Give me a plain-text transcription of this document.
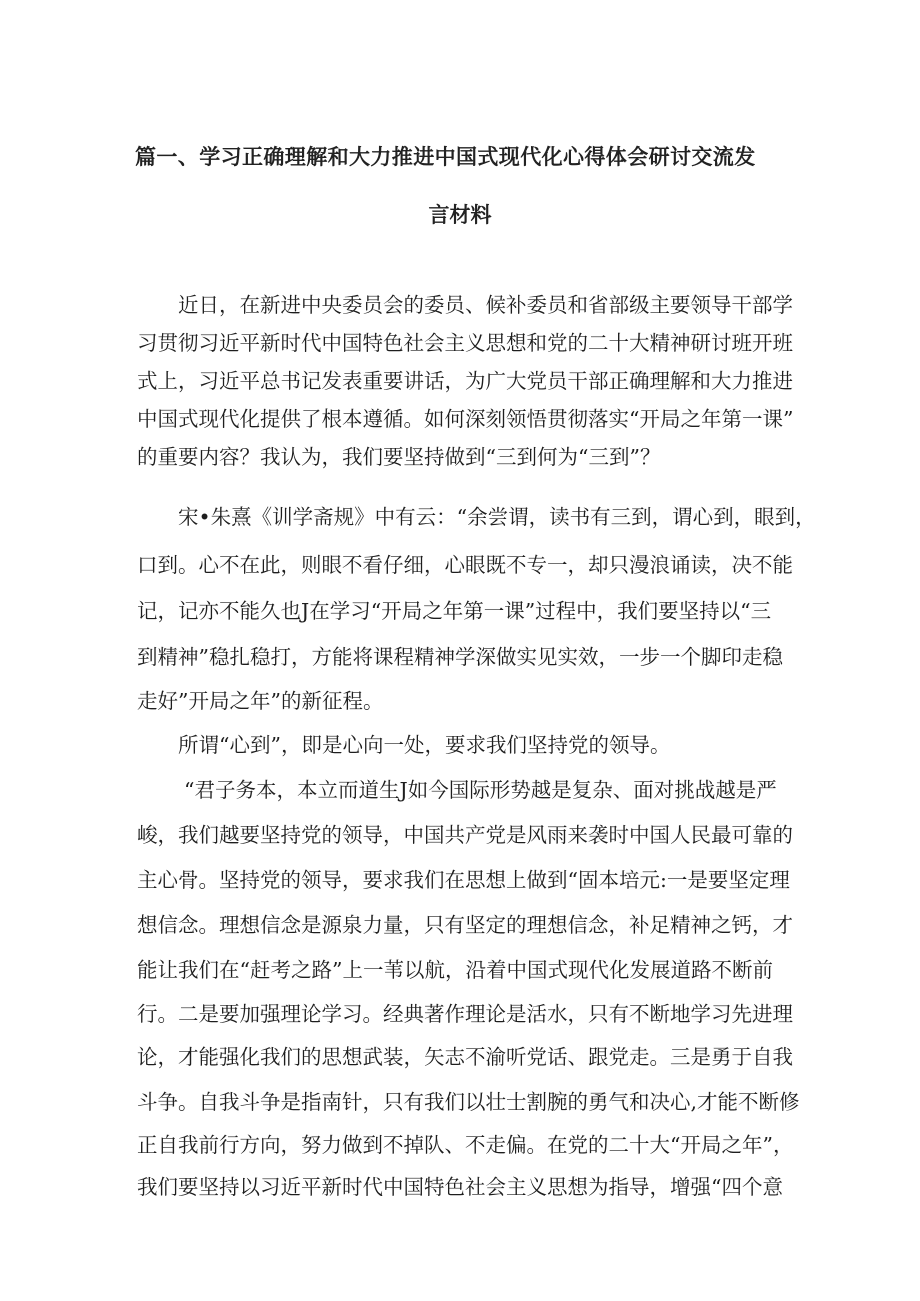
篇一、学习正确理解和大力推进中国式现代化心得体会研讨交流发
言材料
近日，在新进中央委员会的委员、候补委员和省部级主要领导干部学
习贯彻习近平新时代中国特色社会主义思想和党的二十大精神研讨班开班
式上，习近平总书记发表重要讲话，为广大党员干部正确理解和大力推进
中国式现代化提供了根本遵循。如何深刻领悟贯彻落实“开局之年第一课”
的重要内容？我认为，我们要坚持做到“三到何为“三到”？
宋•朱熹《训学斋规》中有云：“余尝谓，读书有三到，谓心到，眼到，
口到。心不在此，则眼不看仔细，心眼既不专一，却只漫浪诵读，决不能
记，记亦不能久也J在学习“开局之年第一课”过程中，我们要坚持以“三
到精神”稳扎稳打，方能将课程精神学深做实见实效，一步一个脚印走稳
走好”开局之年”的新征程。
所谓“心到”，即是心向一处，要求我们坚持党的领导。
“君子务本，本立而道生J如今国际形势越是复杂、面对挑战越是严
峻，我们越要坚持党的领导，中国共产党是风雨来袭时中国人民最可靠的
主心骨。坚持党的领导，要求我们在思想上做到“固本培元:一是要坚定理
想信念。理想信念是源泉力量，只有坚定的理想信念，补足精神之钙，才
能让我们在“赶考之路”上一苇以航，沿着中国式现代化发展道路不断前
行。二是要加强理论学习。经典著作理论是活水，只有不断地学习先进理
论，才能强化我们的思想武装，矢志不渝听党话、跟党走。三是勇于自我
斗争。自我斗争是指南针，只有我们以壮士割腕的勇气和决心,才能不断修
正自我前行方向，努力做到不掉队、不走偏。在党的二十大“开局之年”，
我们要坚持以习近平新时代中国特色社会主义思想为指导，增强“四个意
